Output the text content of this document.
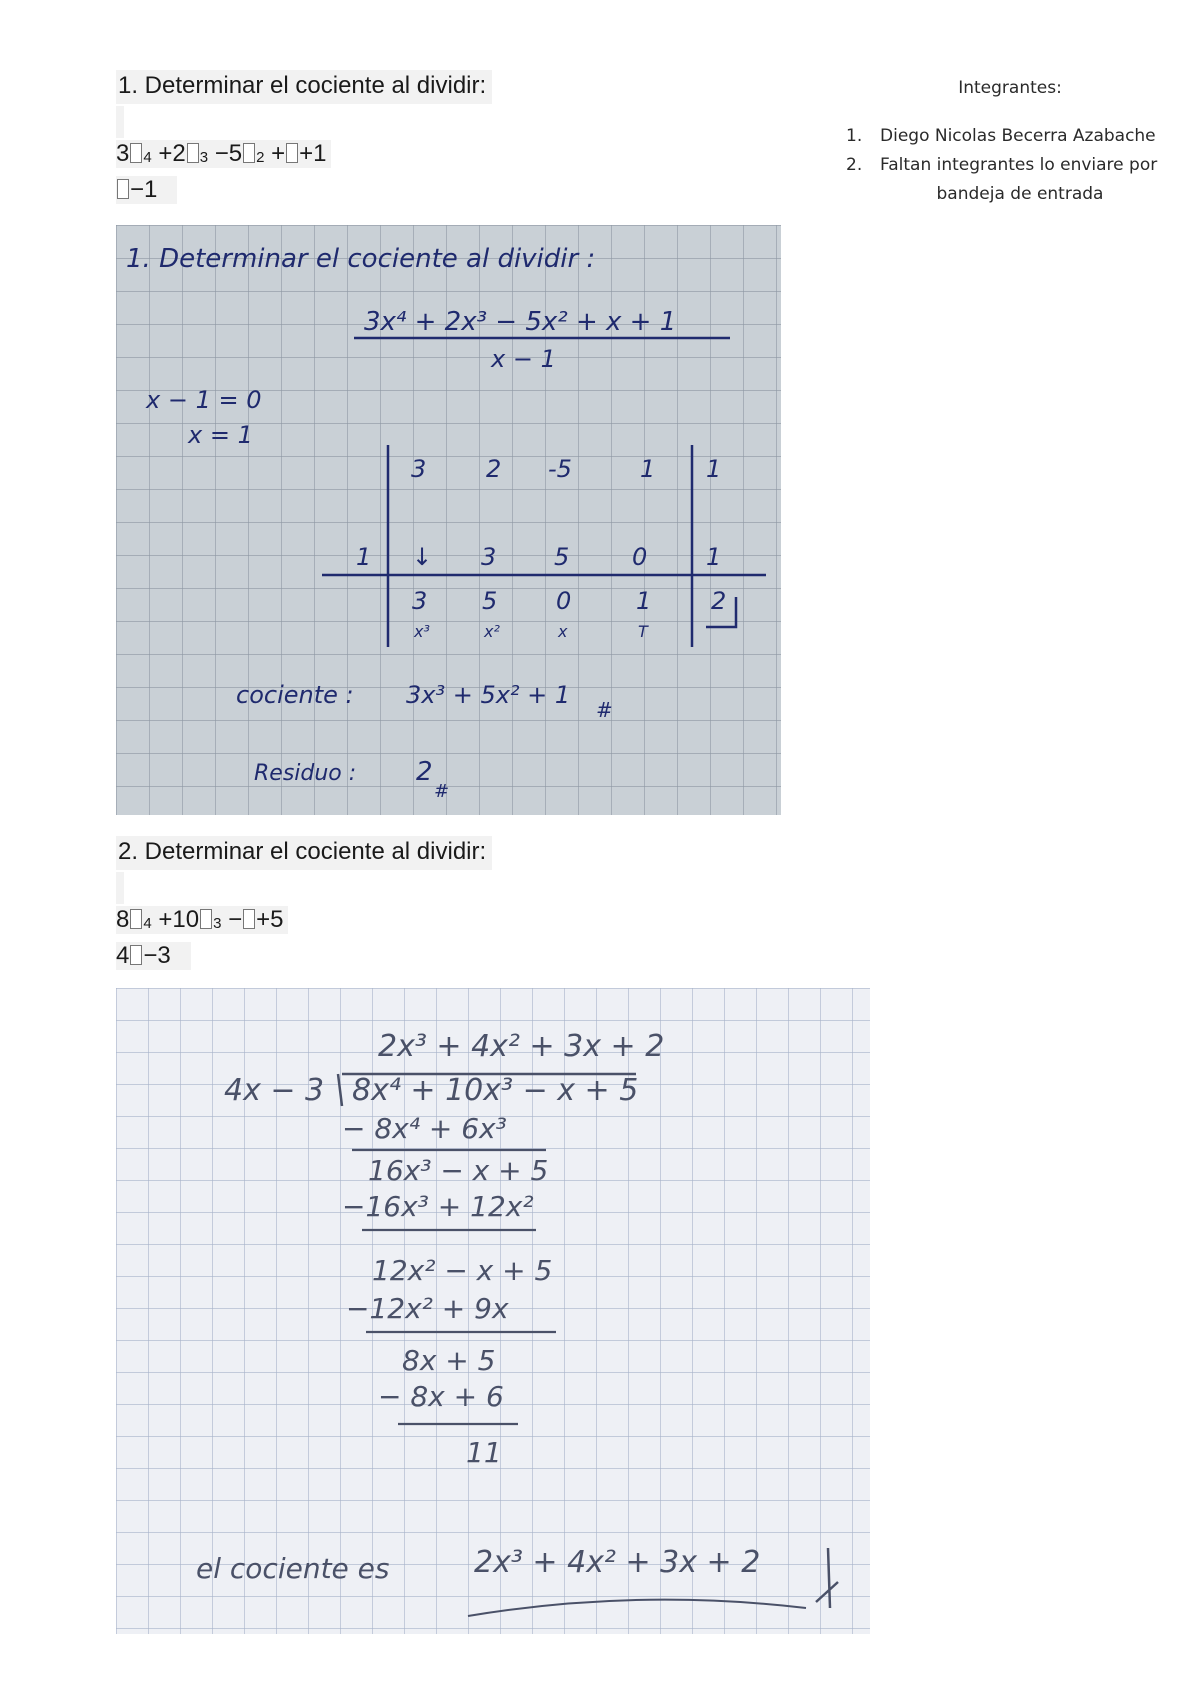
1. Determinar el cociente al dividir:
3 $_4$ +2 $_3$ −5 $_2$ + +1
−1
Integrantes:
1. Diego Nicolas Becerra Azabache
2. Faltan integrantes lo enviare por
bandeja de entrada
1. Determinar el cociente al dividir :
3x⁴ + 2x³ − 5x² + x + 1
x − 1
x − 1 = 0
x = 1
3 2 -5	1 1
1 ↓ 3 5	0 1
3 5 0	1 2
x³	x²	x	T
cociente : 3x³ + 5x² + 1
#
Residuo : 2
#
2. Determinar el cociente al dividir:
8 $_4$ +10 $_3$ − +5
4 −3
2x³ + 4x² + 3x + 2
4x − 3 8x⁴ + 10x³ − x + 5
− 8x⁴ + 6x³
16x³ − x + 5
−16x³ + 12x²
12x² − x + 5
−12x² + 9x
8x + 5
− 8x + 6
11
el cociente es	2x³ + 4x² + 3x + 2
